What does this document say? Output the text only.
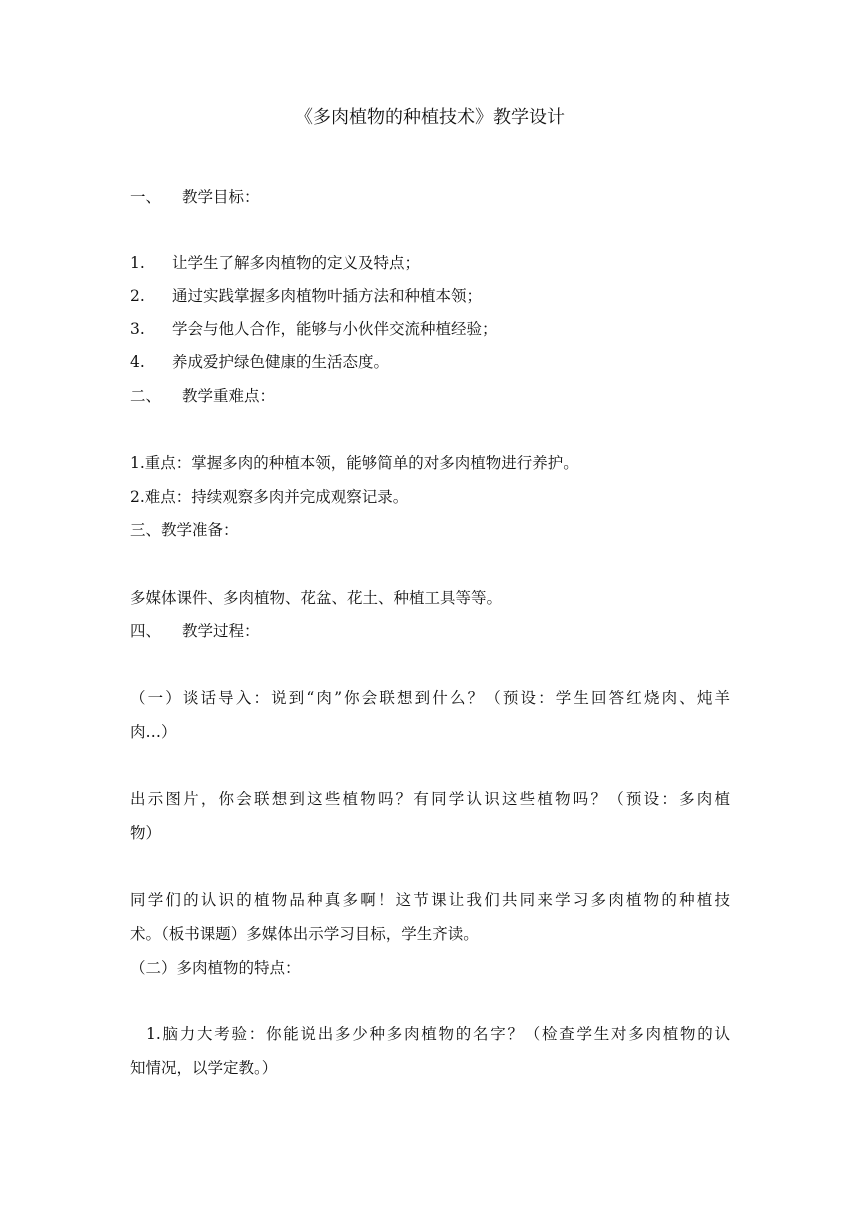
《多肉植物的种植技术》教学设计
一、 教学目标：
1. 让学生了解多肉植物的定义及特点；
2. 通过实践掌握多肉植物叶插方法和种植本领；
3. 学会与他人合作，能够与小伙伴交流种植经验；
4. 养成爱护绿色健康的生活态度。
二、 教学重难点：
1.重点：掌握多肉的种植本领，能够简单的对多肉植物进行养护。
2.难点：持续观察多肉并完成观察记录。
三、教学准备：
多媒体课件、多肉植物、花盆、花土、种植工具等等。
四、 教学过程：
（一）谈话导入：说到“肉”你会联想到什么？（预设：学生回答红烧肉、炖羊
肉…）
出示图片，你会联想到这些植物吗？有同学认识这些植物吗？（预设：多肉植
物）
同学们的认识的植物品种真多啊！这节课让我们共同来学习多肉植物的种植技
术。（板书课题）多媒体出示学习目标，学生齐读。
（二）多肉植物的特点：
1.脑力大考验：你能说出多少种多肉植物的名字？（检查学生对多肉植物的认
知情况，以学定教。）
